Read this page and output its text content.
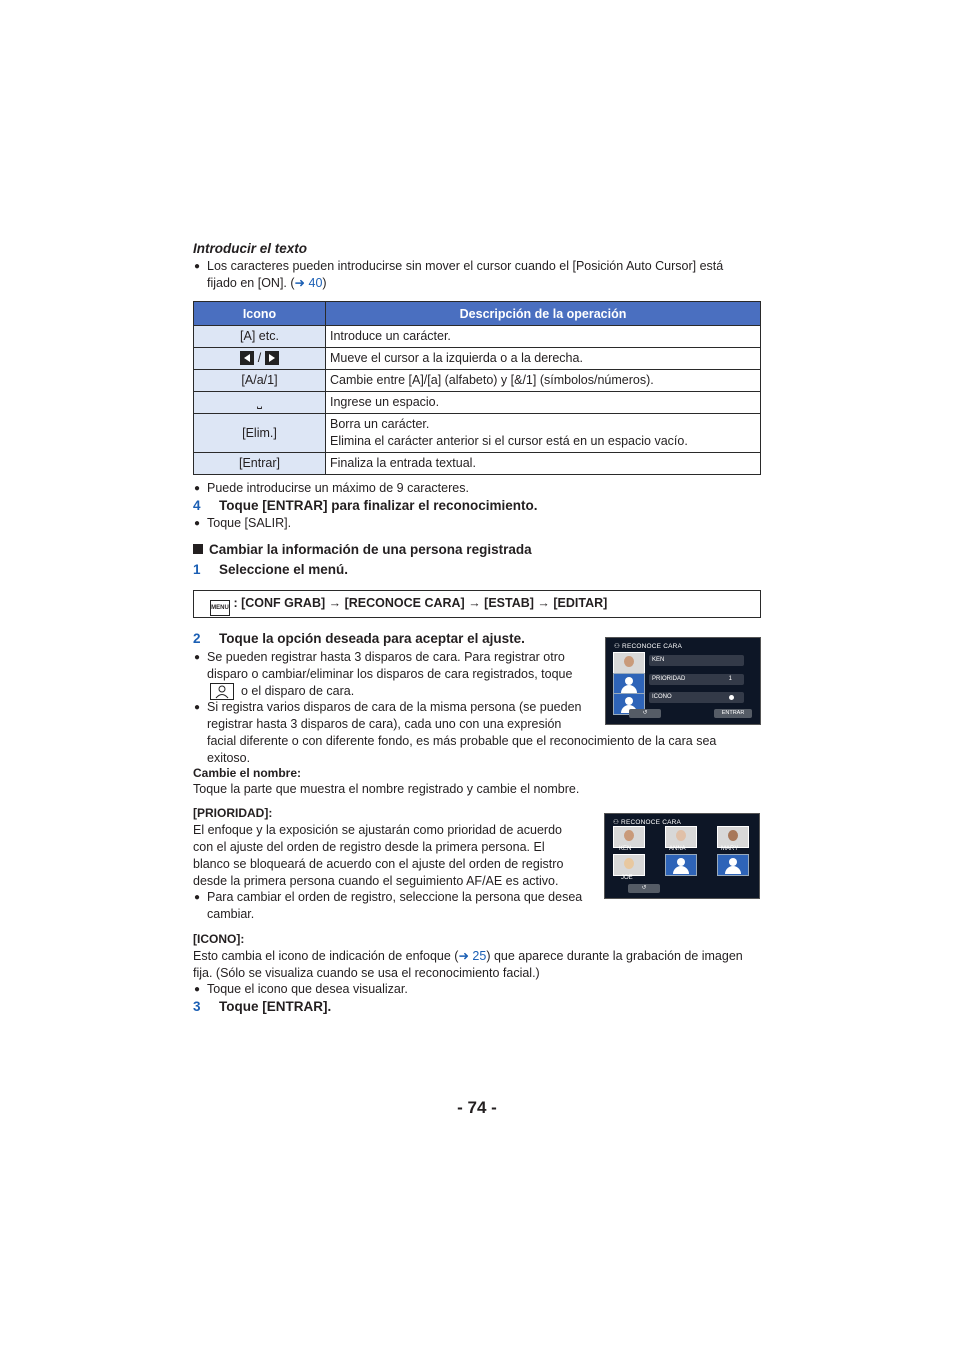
Introducir el texto
● Los caracteres pueden introducirse sin mover el cursor cuando el [Posición Auto Cursor] está
fijado en [ON]. (➜ 40)
Icono	Descripción de la operación
[A] etc.	Introduce un carácter.
/	Mueve el cursor a la izquierda o a la derecha.
[A/a/1]	Cambie entre [A]/[a] (alfabeto) y [&/1] (símbolos/números).
⎵	Ingrese un espacio.
[Elim.]	Borra un carácter.
Elimina el carácter anterior si el cursor está en un espacio vacío.
[Entrar]	Finaliza la entrada textual.
● Puede introducirse un máximo de 9 caracteres.
4 Toque [ENTRAR] para finalizar el reconocimiento.
● Toque [SALIR].
Cambiar la información de una persona registrada
1 Seleccione el menú.
MENU : [CONF GRAB] → [RECONOCE CARA] → [ESTAB] → [EDITAR]
2 Toque la opción deseada para aceptar el ajuste.
● Se pueden registrar hasta 3 disparos de cara. Para registrar otro
disparo o cambiar/eliminar los disparos de cara registrados, toque
o el disparo de cara.
● Si registra varios disparos de cara de la misma persona (se pueden
registrar hasta 3 disparos de cara), cada uno con una expresión
facial diferente o con diferente fondo, es más probable que el reconocimiento de la cara sea
exitoso.
Cambie el nombre:
Toque la parte que muestra el nombre registrado y cambie el nombre.
[PRIORIDAD]:
El enfoque y la exposición se ajustarán como prioridad de acuerdo
con el ajuste del orden de registro desde la primera persona. El
blanco se bloqueará de acuerdo con el ajuste del orden de registro
desde la primera persona cuando el seguimiento AF/AE es activo.
● Para cambiar el orden de registro, seleccione la persona que desea
cambiar.
[ICONO]:
Esto cambia el icono de indicación de enfoque (➜ 25) que aparece durante la grabación de imagen
fija. (Sólo se visualiza cuando se usa el reconocimiento facial.)
● Toque el icono que desea visualizar.
3 Toque [ENTRAR].
⚇ RECONOCE CARA
KEN
PRIORIDAD	1
ICONO
↺	ENTRAR
⚇ RECONOCE CARA
KEN	ANNA	MARY
JOE
↺
- 74 -
